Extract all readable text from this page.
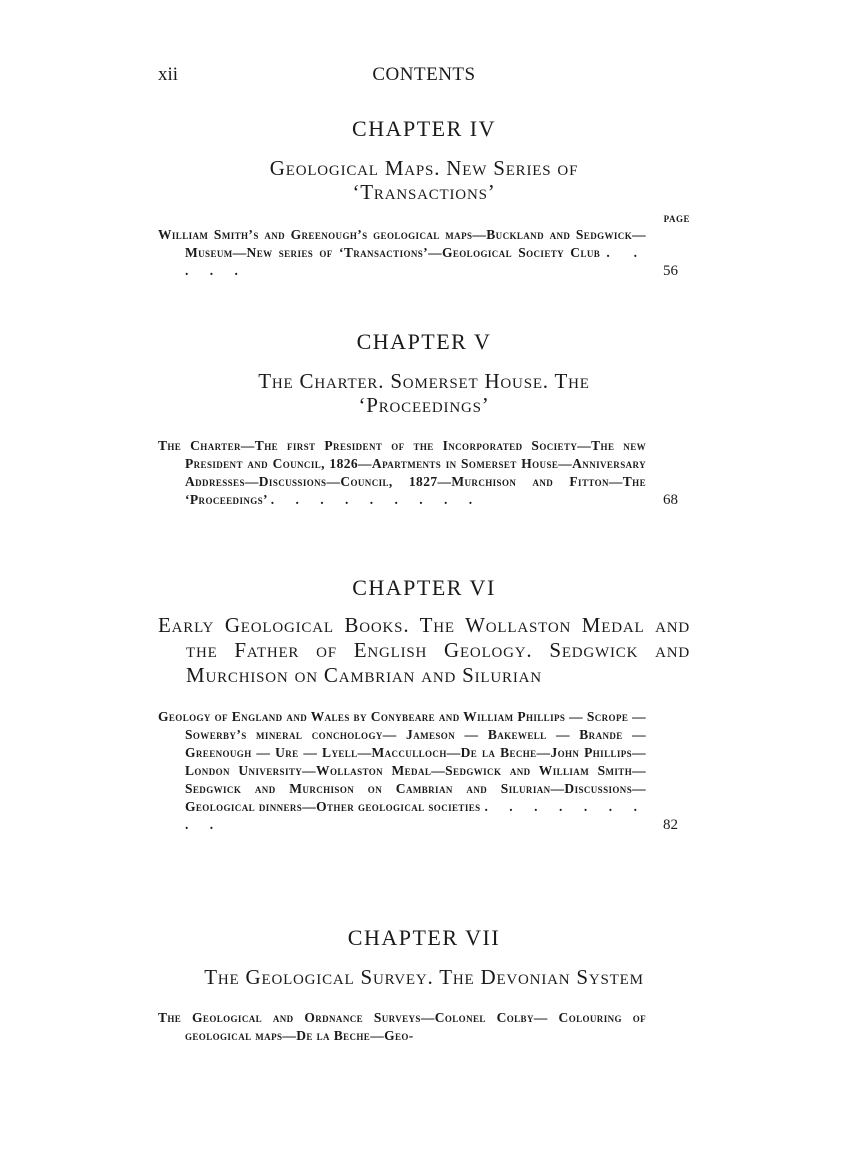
xii	CONTENTS
CHAPTER IV

Geological Maps. New Series of ‘Transactions’

PAGE
William Smith’s and Greenough’s geological maps—Buckland and Sedgwick—Museum—New series of ‘Transactions’—Geological Society Club . . . . .	56
CHAPTER V

The Charter. Somerset House. The ‘Proceedings’

The Charter—The first President of the Incorporated Society—The new President and Council, 1826—Apartments in Somerset House—Anniversary Addresses—Discussions—Council, 1827—Murchison and Fitton—The ‘Proceedings’ . . . . . . . . .	68
CHAPTER VI

Early Geological Books. The Wollaston Medal and the Father of English Geology. Sedgwick and Murchison on Cambrian and Silurian

Geology of England and Wales by Conybeare and William Phillips — Scrope — Sowerby’s mineral conchology— Jameson — Bakewell — Brande — Greenough — Ure — Lyell—Macculloch—De la Beche—John Phillips— London University—Wollaston Medal—Sedgwick and William Smith—Sedgwick and Murchison on Cambrian and Silurian—Discussions—Geological dinners—Other geological societies . . . . . . . . .	82
CHAPTER VII

The Geological Survey. The Devonian System

The Geological and Ordnance Surveys—Colonel Colby— Colouring of geological maps—De la Beche—Geo-
